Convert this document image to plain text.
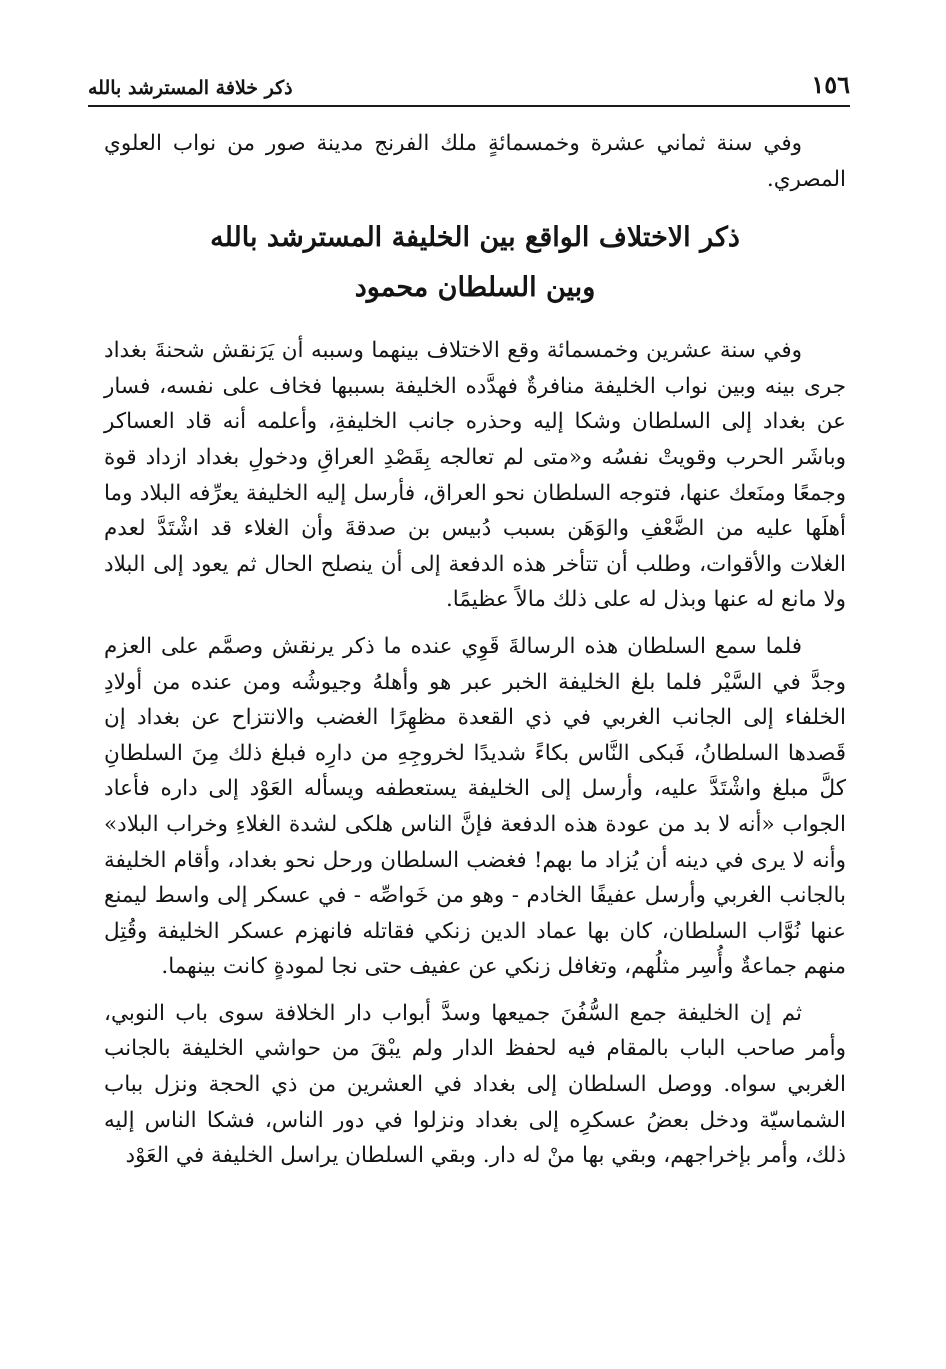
١٥٦
ذكر خلافة المسترشد بالله

وفي سنة ثماني عشرة وخمسمائةٍ ملك الفرنج مدينة صور من نواب العلوي المصري.

ذكر الاختلاف الواقع بين الخليفة المسترشد بالله
وبين السلطان محمود

وفي سنة عشرين وخمسمائة وقع الاختلاف بينهما وسببه أن يَرَنقش شحنةَ بغداد جرى بينه وبين نواب الخليفة منافرةٌ فهدَّده الخليفة بسببها فخاف على نفسه، فسار عن بغداد إلى السلطان وشكا إليه وحذره جانب الخليفةِ، وأعلمه أنه قاد العساكر وباشَر الحرب وقويتْ نفسُه و«متى لم تعالجه بِقَصْدِ العراقِ ودخولِ بغداد ازداد قوة وجمعًا ومنَعك عنها، فتوجه السلطان نحو العراق، فأرسل إليه الخليفة يعرِّفه البلاد وما أهلَها عليه من الضَّعْفِ والوَهَن بسبب دُبيس بن صدقةَ وأن الغلاء قد اشْتَدَّ لعدم الغلات والأقوات، وطلب أن تتأخر هذه الدفعة إلى أن ينصلح الحال ثم يعود إلى البلاد ولا مانع له عنها وبذل له على ذلك مالاً عظيمًا.

فلما سمع السلطان هذه الرسالةَ قَوِي عنده ما ذكر يرنقش وصمَّم على العزم وجدَّ في السَّيْر فلما بلغ الخليفة الخبر عبر هو وأهلهُ وجيوشُه ومن عنده من أولادِ الخلفاء إلى الجانب الغربي في ذي القعدة مظهِرًا الغضب والانتزاح عن بغداد إن قَصدها السلطانُ، فَبكى النَّاس بكاءً شديدًا لخروجِهِ من دارِه فبلغ ذلك مِنَ السلطانِ كلَّ مبلغ واشْتَدَّ عليه، وأرسل إلى الخليفة يستعطفه ويسأله العَوْد إلى داره فأعاد الجواب «أنه لا بد من عودة هذه الدفعة فإنَّ الناس هلكى لشدة الغلاءِ وخراب البلاد» وأنه لا يرى في دينه أن يُزاد ما بهم! فغضب السلطان ورحل نحو بغداد، وأقام الخليفة بالجانب الغربي وأرسل عفيفًا الخادم - وهو من خَواصِّه - في عسكر إلى واسط ليمنع عنها نُوَّاب السلطان، كان بها عماد الدين زنكي فقاتله فانهزم عسكر الخليفة وقُتِل منهم جماعةٌ وأُسِر مثلُهم، وتغافل زنكي عن عفيف حتى نجا لمودةٍ كانت بينهما.

ثم إن الخليفة جمع السُّفُنَ جميعها وسدَّ أبواب دار الخلافة سوى باب النوبي، وأمر صاحب الباب بالمقام فيه لحفظ الدار ولم يبْقَ من حواشي الخليفة بالجانب الغربي سواه. ووصل السلطان إلى بغداد في العشرين من ذي الحجة ونزل بباب الشماسيّة ودخل بعضُ عسكرِه إلى بغداد ونزلوا في دور الناس، فشكا الناس إليه ذلك، وأمر بإخراجهم، وبقي بها منْ له دار. وبقي السلطان يراسل الخليفة في العَوْد
